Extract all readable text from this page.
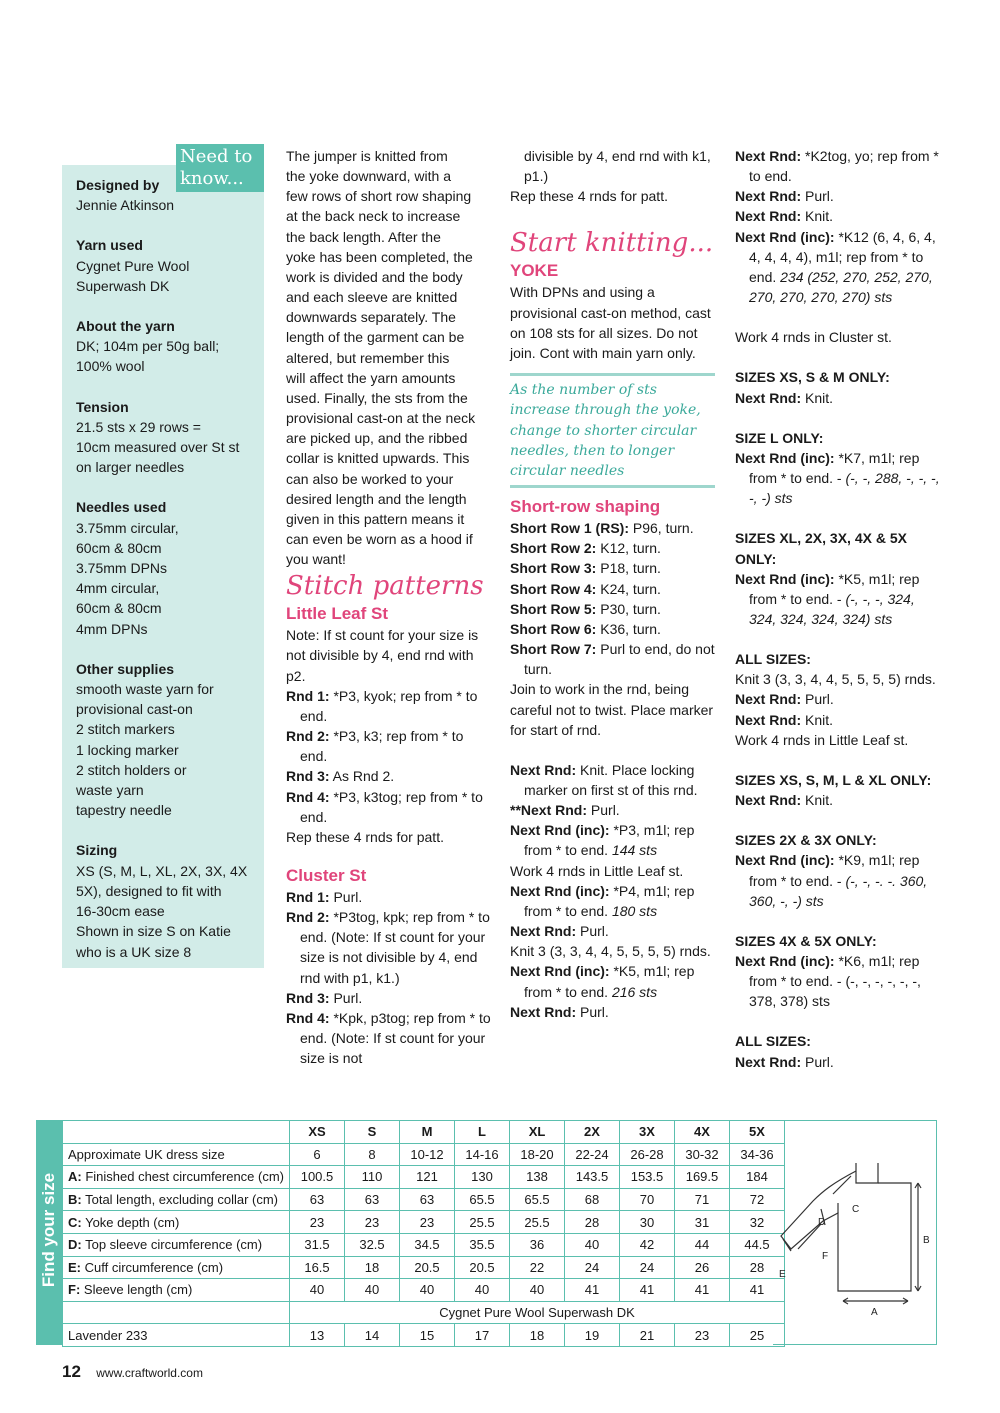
Designed by

Jennie Atkinson

Yarn used

Cygnet Pure Wool
Superwash DK

About the yarn

DK; 104m per 50g ball;
100% wool

Tension

21.5 sts x 29 rows =
10cm measured over St st
on larger needles

Needles used

3.75mm circular,
60cm & 80cm
3.75mm DPNs
4mm circular,
60cm & 80cm
4mm DPNs

Other supplies

smooth waste yarn for
provisional cast-on
2 stitch markers
1 locking marker
2 stitch holders or
waste yarn
tapestry needle

Sizing

XS (S, M, L, XL, 2X, 3X, 4X
5X), designed to fit with
16-30cm ease
Shown in size S on Katie
who is a UK size 8

Need to
know...
The jumper is knitted from
the yoke downward, with a
few rows of short row shaping
at the back neck to increase
the back length. After the
yoke has been completed, the
work is divided and the body
and each sleeve are knitted
downwards separately. The
length of the garment can be
altered, but remember this
will affect the yarn amounts
used. Finally, the sts from the
provisional cast-on at the neck
are picked up, and the ribbed
collar is knitted upwards. This
can also be worked to your
desired length and the length
given in this pattern means it
can even be worn as a hood if
you want!

Stitch patterns

Little Leaf St

Note: If st count for your size is not divisible by 4, end rnd with p2.

Rnd 1: *P3, kyok; rep from * to end.

Rnd 2: *P3, k3; rep from * to end.

Rnd 3: As Rnd 2.

Rnd 4: *P3, k3tog; rep from * to end.

Rep these 4 rnds for patt.

Cluster St

Rnd 1: Purl.

Rnd 2: *P3tog, kpk; rep from * to end. (Note: If st count for your size is not divisible by 4, end rnd with p1, k1.)

Rnd 3: Purl.

Rnd 4: *Kpk, p3tog; rep from * to end. (Note: If st count for your size is not

divisible by 4, end rnd with k1, p1.)

Rep these 4 rnds for patt.

Start knitting...

YOKE

With DPNs and using a provisional cast-on method, cast on 108 sts for all sizes. Do not join. Cont with main yarn only.

As the number of sts increase through the yoke, change to shorter circular needles, then to longer circular needles

Short-row shaping

Short Row 1 (RS): P96, turn.

Short Row 2: K12, turn.

Short Row 3: P18, turn.

Short Row 4: K24, turn.

Short Row 5: P30, turn.

Short Row 6: K36, turn.

Short Row 7: Purl to end, do not turn.

Join to work in the rnd, being careful not to twist. Place marker for start of rnd.

Next Rnd: Knit. Place locking marker on first st of this rnd.

**Next Rnd: Purl.

Next Rnd (inc): *P3, m1l; rep from * to end. 144 sts

Work 4 rnds in Little Leaf st.

Next Rnd (inc): *P4, m1l; rep from * to end. 180 sts

Next Rnd: Purl.

Knit 3 (3, 3, 4, 4, 5, 5, 5, 5) rnds.

Next Rnd (inc): *K5, m1l; rep from * to end. 216 sts

Next Rnd: Purl.

Next Rnd: *K2tog, yo; rep from * to end.

Next Rnd: Purl.

Next Rnd: Knit.

Next Rnd (inc): *K12 (6, 4, 6, 4, 4, 4, 4, 4), m1l; rep from * to end. 234 (252, 270, 252, 270, 270, 270, 270, 270) sts

Work 4 rnds in Cluster st.

SIZES XS, S & M ONLY:

Next Rnd: Knit.

SIZE L ONLY:

Next Rnd (inc): *K7, m1l; rep from * to end. - (-, -, 288, -, -, -, -, -) sts

SIZES XL, 2X, 3X, 4X & 5X ONLY:

Next Rnd (inc): *K5, m1l; rep from * to end. - (-, -, -, 324, 324, 324, 324, 324) sts

ALL SIZES:

Knit 3 (3, 3, 4, 4, 5, 5, 5, 5) rnds.

Next Rnd: Purl.

Next Rnd: Knit.

Work 4 rnds in Little Leaf st.

SIZES XS, S, M, L & XL ONLY:

Next Rnd: Knit.

SIZES 2X & 3X ONLY:

Next Rnd (inc): *K9, m1l; rep from * to end. - (-, -, -. -. 360, 360, -, -) sts

SIZES 4X & 5X ONLY:

Next Rnd (inc): *K6, m1l; rep from * to end. - (-, -, -, -, -, -, 378, 378) sts

ALL SIZES:

Next Rnd: Purl.

Find your size
	XS	S	M	L	XL	2X	3X	4X	5X
Approximate UK dress size	6	8	10-12	14-16	18-20	22-24	26-28	30-32	34-36
A: Finished chest circumference (cm)	100.5	110	121	130	138	143.5	153.5	169.5	184
B: Total length, excluding collar (cm)	63	63	63	65.5	65.5	68	70	71	72
C: Yoke depth (cm)	23	23	23	25.5	25.5	28	30	31	32
D: Top sleeve circumference (cm)	31.5	32.5	34.5	35.5	36	40	42	44	44.5
E: Cuff circumference (cm)	16.5	18	20.5	20.5	22	24	24	26	28
F: Sleeve length (cm)	40	40	40	40	40	41	41	41	41
	Cygnet Pure Wool Superwash DK								
Lavender 233	13	14	15	17	18	19	21	23	25
A
B
C
D
E
F
12 www.craftworld.com
